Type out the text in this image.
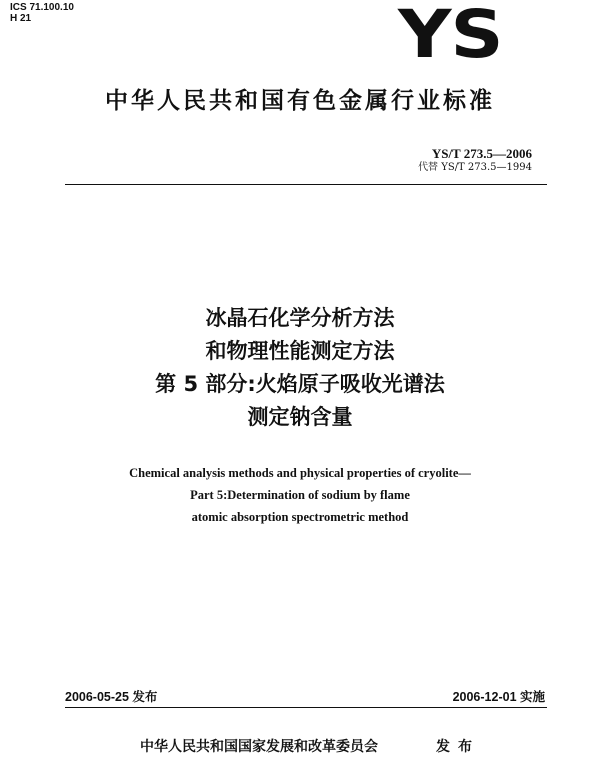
ICS 71.100.10
H 21	YS
中华人民共和国有色金属行业标准
YS/T 273.5—2006
代替 YS/T 273.5—1994
冰晶石化学分析方法
和物理性能测定方法
第 5 部分:火焰原子吸收光谱法
测定钠含量
Chemical analysis methods and physical properties of cryolite—
Part 5:Determination of sodium by flame
atomic absorption spectrometric method
2006-05-25 发布	2006-12-01 实施
中华人民共和国国家发展和改革委员会	发布
